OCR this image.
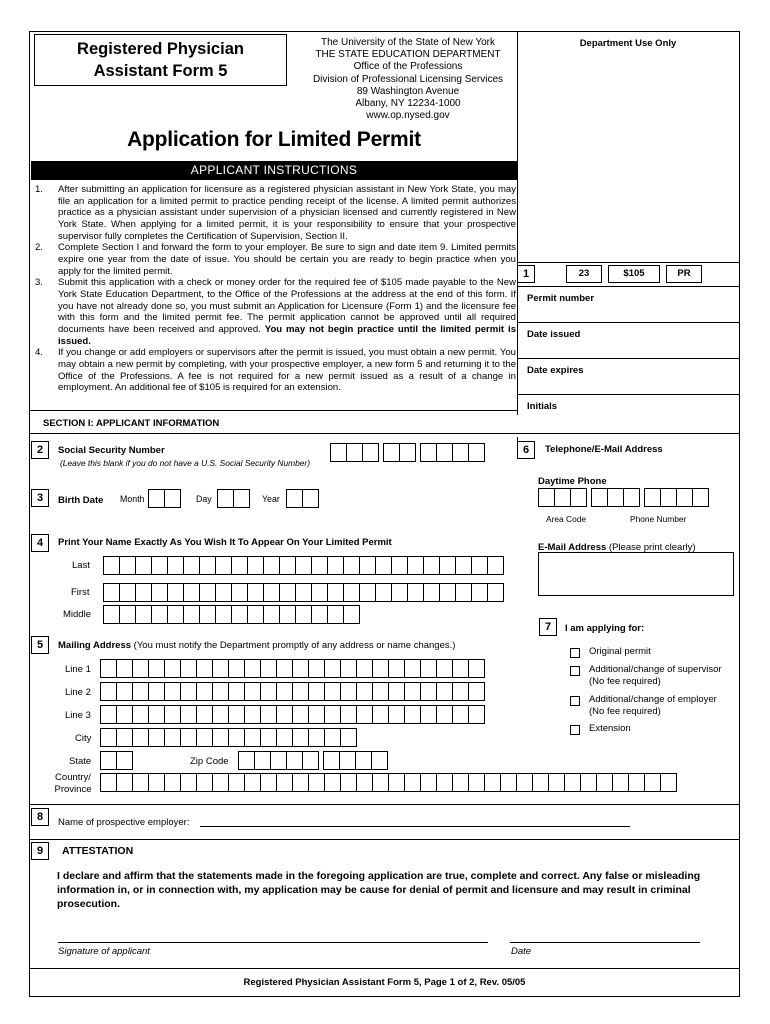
Registered Physician
Assistant Form 5
The University of the State of New York
THE STATE EDUCATION DEPARTMENT
Office of the Professions
Division of Professional Licensing Services
89 Washington Avenue
Albany, NY 12234-1000
www.op.nysed.gov
Department Use Only
Application for Limited Permit
APPLICANT INSTRUCTIONS
1. After submitting an application for licensure as a registered physician assistant in New York State, you may file an application for a limited permit to practice pending receipt of the license. A limited permit authorizes practice as a physician assistant under supervision of a physician licensed and currently registered in New York State. When applying for a limited permit, it is your responsibility to ensure that your prospective supervisor fully completes the Certification of Supervision, Section II.
2. Complete Section I and forward the form to your employer. Be sure to sign and date item 9. Limited permits expire one year from the date of issue. You should be certain you are ready to begin practice when you apply for the limited permit.
3. Submit this application with a check or money order for the required fee of $105 made payable to the New York State Education Department, to the Office of the Professions at the address at the end of this form. If you have not already done so, you must submit an Application for Licensure (Form 1) and the licensure fee with this form and the limited permit fee. The permit application cannot be approved until all required documents have been received and approved. You may not begin practice until the limited permit is issued.
4. If you change or add employers or supervisors after the permit is issued, you must obtain a new permit. You may obtain a new permit by completing, with your prospective employer, a new form 5 and returning it to the Office of the Professions. A fee is not required for a new permit issued as a result of a change in employment. An additional fee of $105 is required for an extension.
1	23	$105	PR
Permit number
Date issued
Date expires
Initials
SECTION I: APPLICANT INFORMATION
2	Social Security Number
(Leave this blank if you do not have a U.S. Social Security Number)
6	Telephone/E-Mail Address
Daytime Phone
Area Code	Phone Number
E-Mail Address (Please print clearly)
3	Birth Date Month	Day	Year
4	Print Your Name Exactly As You Wish It To Appear On Your Limited Permit
Last
First
Middle
7	I am applying for:
Original permit
Additional/change of supervisor
(No fee required)
Additional/change of employer
(No fee required)
Extension
5	Mailing Address (You must notify the Department promptly of any address or name changes.)
Line 1
Line 2
Line 3
City
State	Zip Code
Country/
Province
8	Name of prospective employer:
9	ATTESTATION
I declare and affirm that the statements made in the foregoing application are true, complete and correct. Any false or misleading information in, or in connection with, my application may be cause for denial of permit and licensure and may result in criminal prosecution.
Signature of applicant	Date
Registered Physician Assistant Form 5, Page 1 of 2, Rev. 05/05
